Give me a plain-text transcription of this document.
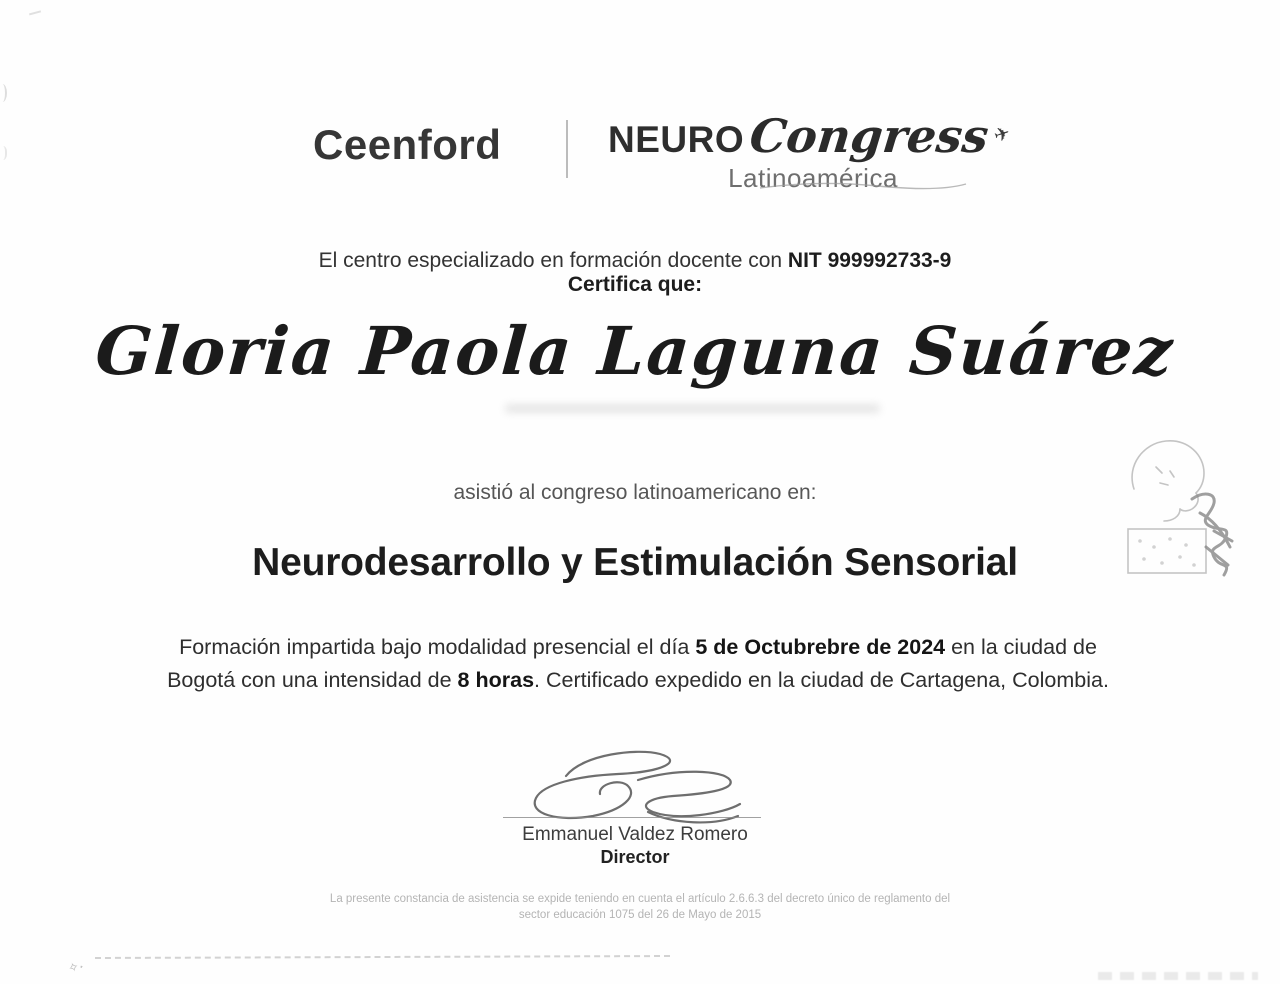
Ceenford	NEUROCongress✈
Latinoamérica
El centro especializado en formación docente con NIT 999992733-9
Certifica que:
Gloria Paola Laguna Suárez
asistió al congreso latinoamericano en:
Neurodesarrollo y Estimulación Sensorial
Formación impartida bajo modalidad presencial el día 5 de Octubrebre de 2024 en la ciudad de Bogotá con una intensidad de 8 horas. Certificado expedido en la ciudad de Cartagena, Colombia.
Emmanuel Valdez Romero
Director
La presente constancia de asistencia se expide teniendo en cuenta el artículo 2.6.6.3 del decreto único de reglamento del
sector educación 1075 del 26 de Mayo de 2015
✧˖
